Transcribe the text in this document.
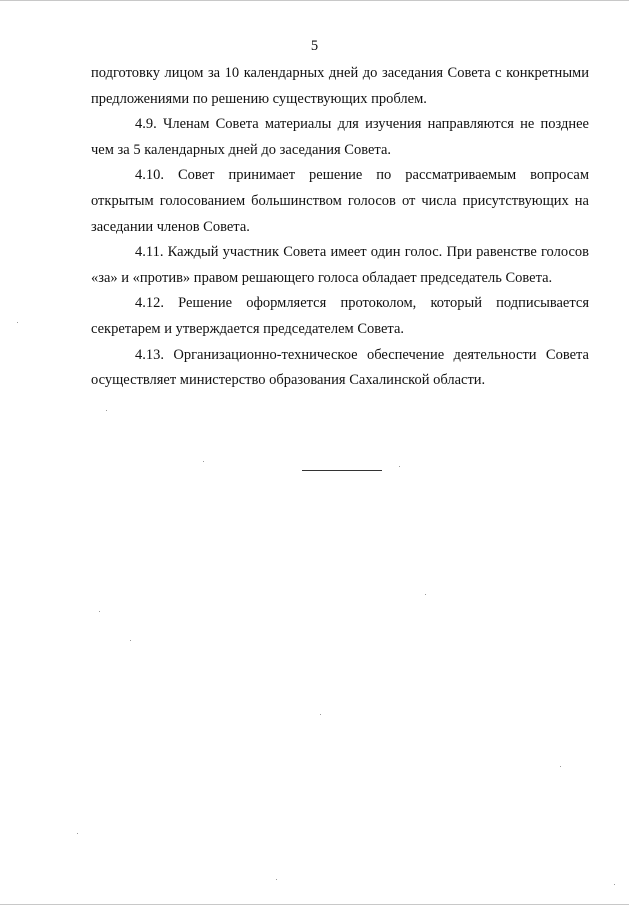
5

подготовку лицом за 10 календарных дней до заседания Совета с конкретными предложениями по решению существующих проблем.

4.9. Членам Совета материалы для изучения направляются не позднее чем за 5 календарных дней до заседания Совета.

4.10. Совет принимает решение по рассматриваемым вопросам открытым голосованием большинством голосов от числа присутствующих на заседании членов Совета.

4.11. Каждый участник Совета имеет один голос. При равенстве голосов «за» и «против» правом решающего голоса обладает председатель Совета.

4.12. Решение оформляется протоколом, который подписывается секретарем и утверждается председателем Совета.

4.13. Организационно-техническое обеспечение деятельности Совета осуществляет министерство образования Сахалинской области.
